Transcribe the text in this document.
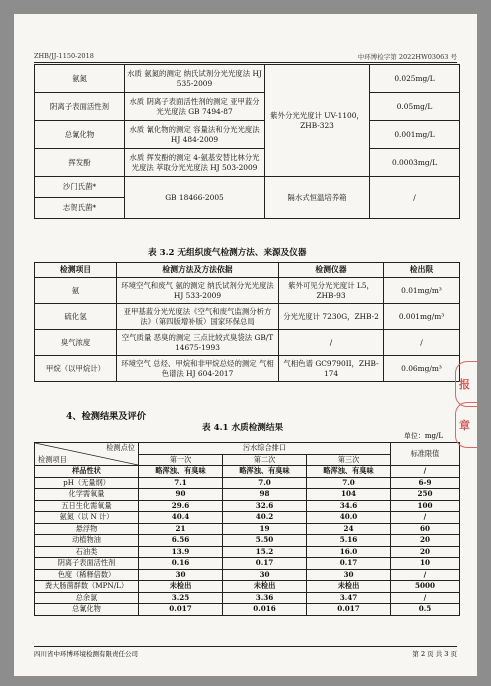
ZHB/JJ-1150-2018	中环博检字第 2022HW03063 号
氨氮	水质 氨氮的测定 纳氏试剂分光光度法 HJ 535-2009	紫外分光光度计 UV-1100，ZHB-323	0.025mg/L
阴离子表面活性剂	水质 阴离子表面活性剂的测定 亚甲蓝分光光度法 GB 7494-87		0.05mg/L
总氰化物	水质 氰化物的测定 容量法和分光光度法 HJ 484-2009		0.001mg/L
挥发酚	水质 挥发酚的测定 4-氨基安替比林分光光度法 萃取分光光度法 HJ 503-2009		0.0003mg/L
沙门氏菌*	GB 18466-2005	隔水式恒温培养箱	/
志贺氏菌*			
表 3.2 无组织废气检测方法、来源及仪器
检测项目	检测方法及方法依据	检测仪器	检出限
氨	环境空气和废气 氨的测定 纳氏试剂分光光度法 HJ 533-2009	紫外可见分光光度计 L5，ZHB-93	0.01mg/m³
硫化氢	亚甲基蓝分光光度法《空气和废气监测分析方法》（第四版增补版）国家环保总局	分光光度计 7230G，ZHB-2	0.001mg/m³
臭气浓度	空气质量 恶臭的测定 三点比较式臭袋法 GB/T 14675-1993	/	/
甲烷（以甲烷计）	环境空气 总烃、甲烷和非甲烷总烃的测定 气相色谱法 HJ 604-2017	气相色谱 GC9790II，ZHB-174	0.06mg/m³
4、检测结果及评价
表 4.1 水质检测结果
单位：mg/L
检测点位
检测项目	污水综合排口			标准限值
	第一次	第二次	第三次	
样品性状	略浑浊、有臭味	略浑浊、有臭味	略浑浊、有臭味	/
pH（无量纲）	7.1	7.0	7.0	6-9
化学需氧量	90	98	104	250
五日生化需氧量	29.6	32.6	34.6	100
氨氮（以 N 计）	40.4	40.2	40.0	/
悬浮物	21	19	24	60
动植物油	6.56	5.50	5.16	20
石油类	13.9	15.2	16.0	20
阴离子表面活性剂	0.16	0.17	0.17	10
色度（稀释倍数）	30	30	30	/
粪大肠菌群数（MPN/L）	未检出	未检出	未检出	5000
总余氯	3.25	3.36	3.47	/
总氰化物	0.017	0.016	0.017	0.5
四川省中环博环境检测有限责任公司	第 2 页 共 3 页
报
章
